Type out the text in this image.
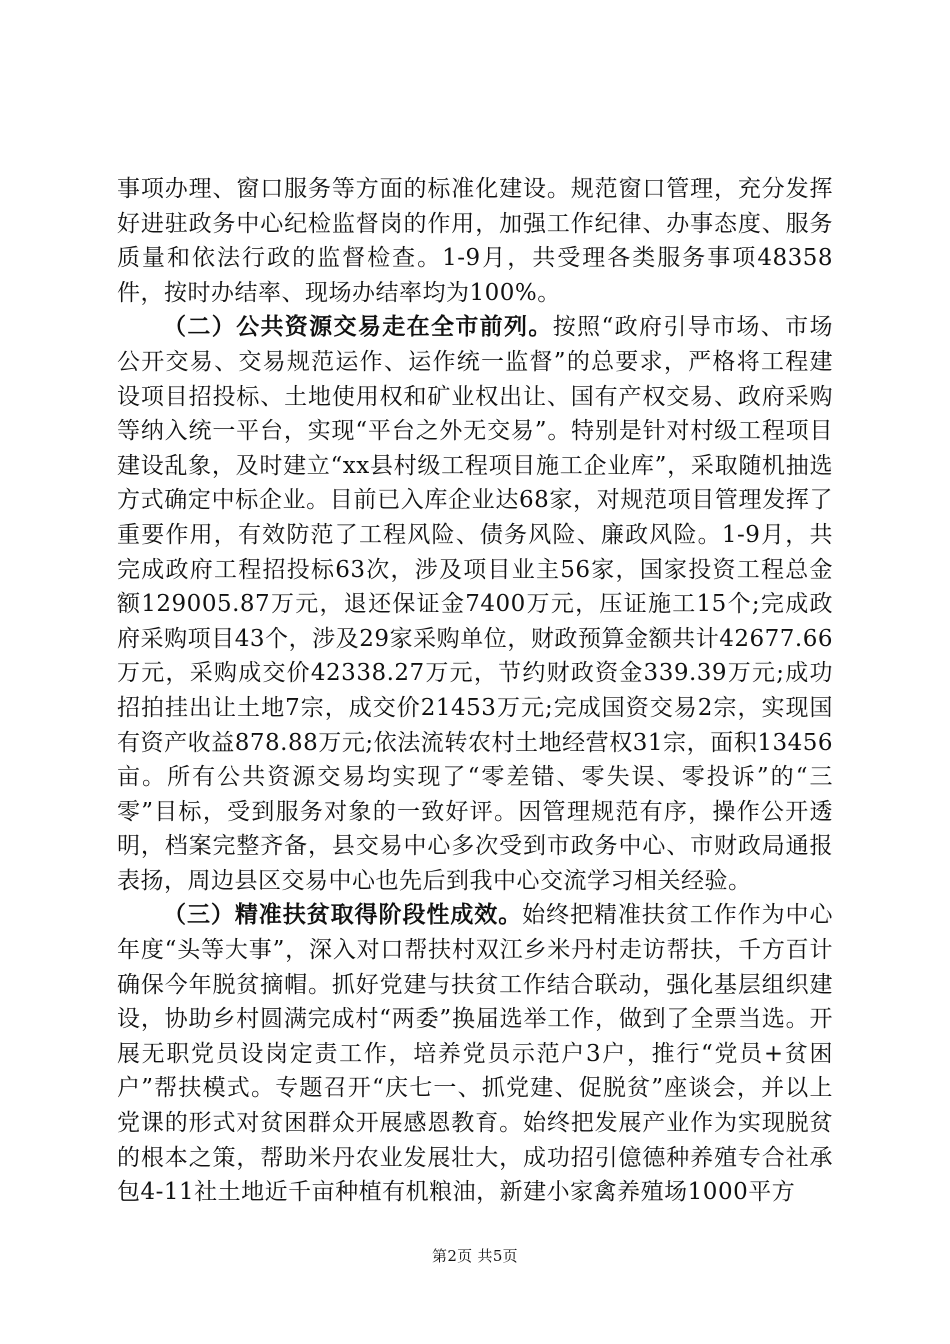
事项办理、窗口服务等方面的标准化建设。规范窗口管理，充分发挥好进驻政务中心纪检监督岗的作用，加强工作纪律、办事态度、服务质量和依法行政的监督检查。1-9月，共受理各类服务事项48358件，按时办结率、现场办结率均为100%。

（二）公共资源交易走在全市前列。按照“政府引导市场、市场公开交易、交易规范运作、运作统一监督”的总要求，严格将工程建设项目招投标、土地使用权和矿业权出让、国有产权交易、政府采购等纳入统一平台，实现“平台之外无交易”。特别是针对村级工程项目建设乱象，及时建立“xx县村级工程项目施工企业库”，采取随机抽选方式确定中标企业。目前已入库企业达68家，对规范项目管理发挥了重要作用，有效防范了工程风险、债务风险、廉政风险。1-9月，共完成政府工程招投标63次，涉及项目业主56家，国家投资工程总金额129005.87万元，退还保证金7400万元，压证施工15个;完成政府采购项目43个，涉及29家采购单位，财政预算金额共计42677.66万元，采购成交价42338.27万元，节约财政资金339.39万元;成功招拍挂出让土地7宗，成交价21453万元;完成国资交易2宗，实现国有资产收益878.88万元;依法流转农村土地经营权31宗，面积13456亩。所有公共资源交易均实现了“零差错、零失误、零投诉”的“三零”目标，受到服务对象的一致好评。因管理规范有序，操作公开透明，档案完整齐备，县交易中心多次受到市政务中心、市财政局通报表扬，周边县区交易中心也先后到我中心交流学习相关经验。

（三）精准扶贫取得阶段性成效。始终把精准扶贫工作作为中心年度“头等大事”，深入对口帮扶村双江乡米丹村走访帮扶，千方百计确保今年脱贫摘帽。抓好党建与扶贫工作结合联动，强化基层组织建设，协助乡村圆满完成村“两委”换届选举工作，做到了全票当选。开展无职党员设岗定责工作，培养党员示范户3户，推行“党员+贫困户”帮扶模式。专题召开“庆七一、抓党建、促脱贫”座谈会，并以上党课的形式对贫困群众开展感恩教育。始终把发展产业作为实现脱贫的根本之策，帮助米丹农业发展壮大，成功招引億德种养殖专合社承包4-11社土地近千亩种植有机粮油，新建小家禽养殖场1000平方

第2页 共5页
